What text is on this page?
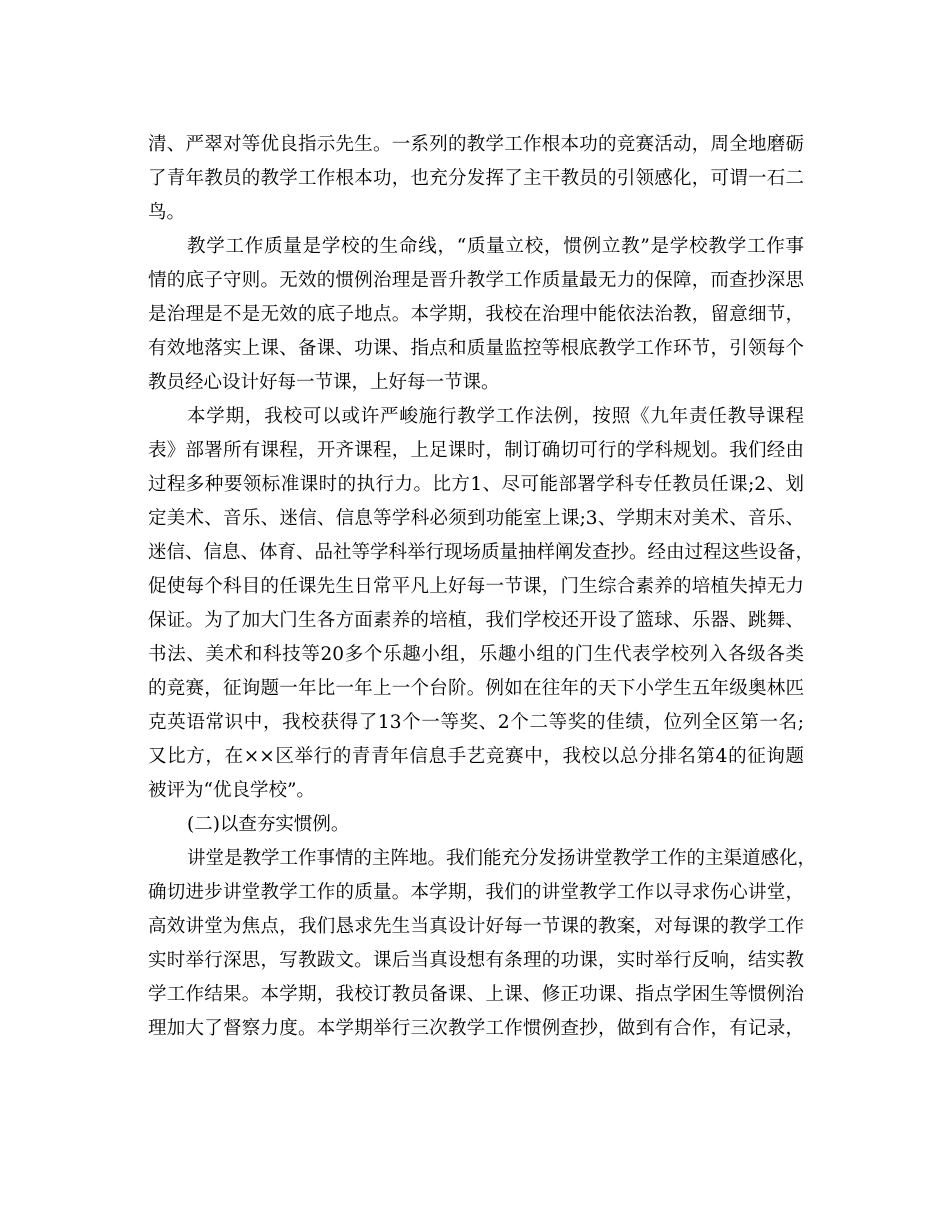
清、严翠对等优良指示先生。一系列的教学工作根本功的竞赛活动，周全地磨砺
了青年教员的教学工作根本功，也充分发挥了主干教员的引领感化，可谓一石二
鸟。
教学工作质量是学校的生命线，“质量立校，惯例立教”是学校教学工作事
情的底子守则。无效的惯例治理是晋升教学工作质量最无力的保障，而查抄深思
是治理是不是无效的底子地点。本学期，我校在治理中能依法治教，留意细节，
有效地落实上课、备课、功课、指点和质量监控等根底教学工作环节，引领每个
教员经心设计好每一节课，上好每一节课。
本学期，我校可以或许严峻施行教学工作法例，按照《九年责任教导课程
表》部署所有课程，开齐课程，上足课时，制订确切可行的学科规划。我们经由
过程多种要领标准课时的执行力。比方1、尽可能部署学科专任教员任课;2、划
定美术、音乐、迷信、信息等学科必须到功能室上课;3、学期末对美术、音乐、
迷信、信息、体育、品社等学科举行现场质量抽样阐发查抄。经由过程这些设备，
促使每个科目的任课先生日常平凡上好每一节课，门生综合素养的培植失掉无力
保证。为了加大门生各方面素养的培植，我们学校还开设了篮球、乐器、跳舞、
书法、美术和科技等20多个乐趣小组，乐趣小组的门生代表学校列入各级各类
的竞赛，征询题一年比一年上一个台阶。例如在往年的天下小学生五年级奥林匹
克英语常识中，我校获得了13个一等奖、2个二等奖的佳绩，位列全区第一名;
又比方，在××区举行的青青年信息手艺竞赛中，我校以总分排名第4的征询题
被评为“优良学校”。
(二)以查夯实惯例。
讲堂是教学工作事情的主阵地。我们能充分发扬讲堂教学工作的主渠道感化，
确切进步讲堂教学工作的质量。本学期，我们的讲堂教学工作以寻求伤心讲堂，
高效讲堂为焦点，我们恳求先生当真设计好每一节课的教案，对每课的教学工作
实时举行深思，写教跋文。课后当真设想有条理的功课，实时举行反响，结实教
学工作结果。本学期，我校订教员备课、上课、修正功课、指点学困生等惯例治
理加大了督察力度。本学期举行三次教学工作惯例查抄，做到有合作，有记录，
